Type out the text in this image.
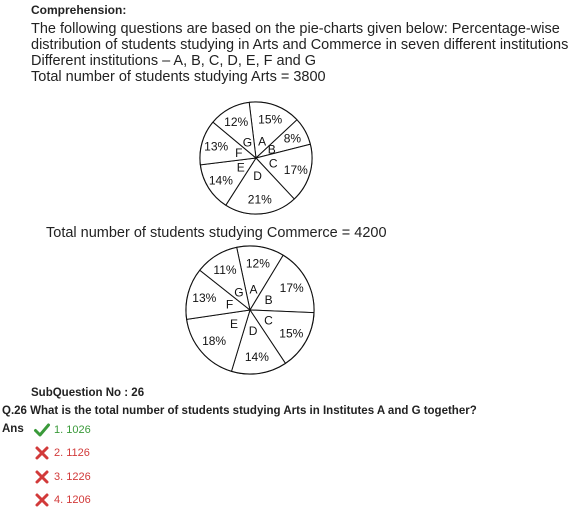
Comprehension:
The following questions are based on the pie-charts given below: Percentage-wise
distribution of students studying in Arts and Commerce in seven different institutions
Different institutions – A, B, C, D, E, F and G
Total number of students studying Arts = 3800
A
15%
B
8%
C 17%
D
21%
E
14%
F
13% G
12%
Total number of students studying Commerce = 4200
A
12%
B
17%
C
15%
D
14%
E
18%
F
13% G
11%
SubQuestion No : 26
Q.26 What is the total number of students studying Arts in Institutes A and G together?
Ans	1. 1026
2. 1126
3. 1226
4. 1206
